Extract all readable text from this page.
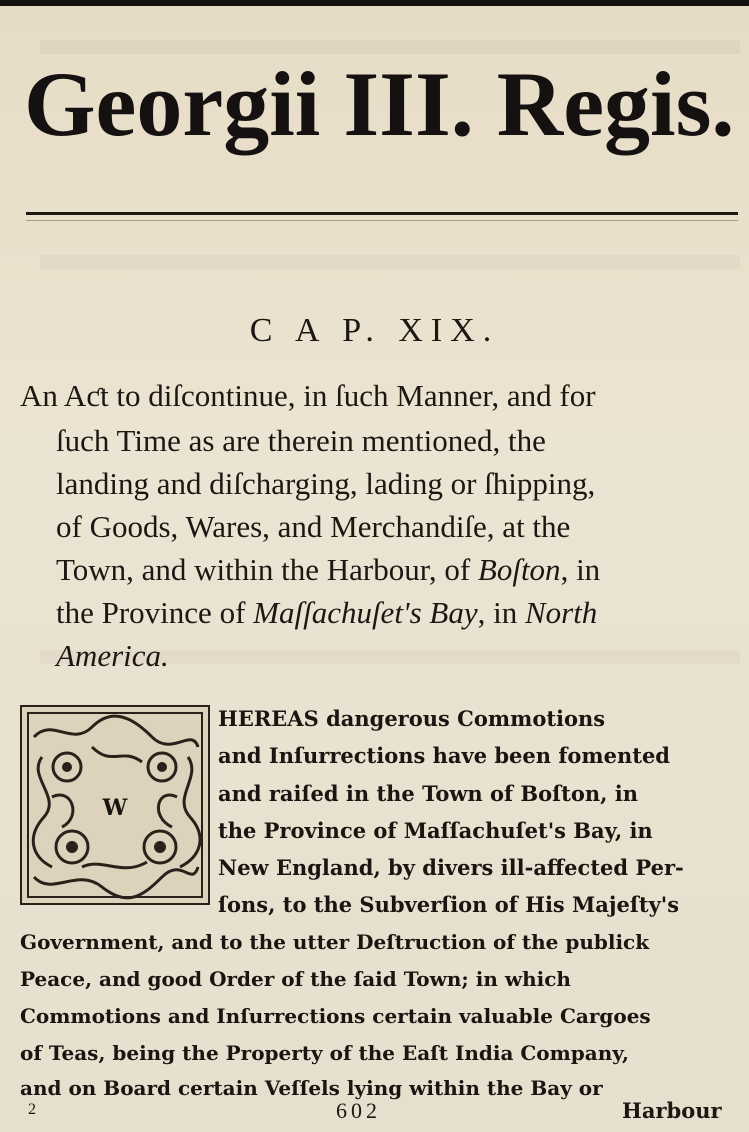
Georgii III. Regis.
C A P. XIX.
An Aƈt to diſcontinue, in ſuch Manner, and for
ſuch Time as are therein mentioned, the
landing and diſcharging, lading or ſhipping,
of Goods, Wares, and Merchandiſe, at the
Town, and within the Harbour, of Boſton, in
the Province of Maſſachuſet's Bay, in North
America.
W
HEREAS dangerous Commotions
and Inſurrections have been fomented
and raiſed in the Town of Boſton, in
the Province of Maſſachuſet's Bay, in
New England, by divers ill-affected Per-
ſons, to the Subverſion of His Majeſty's
Government, and to the utter Deſtruction of the publick
Peace, and good Order of the ſaid Town; in which
Commotions and Inſurrections certain valuable Cargoes
of Teas, being the Property of the Eaſt India Company,
and on Board certain Veſſels lying within the Bay or
2	602	Harbour
